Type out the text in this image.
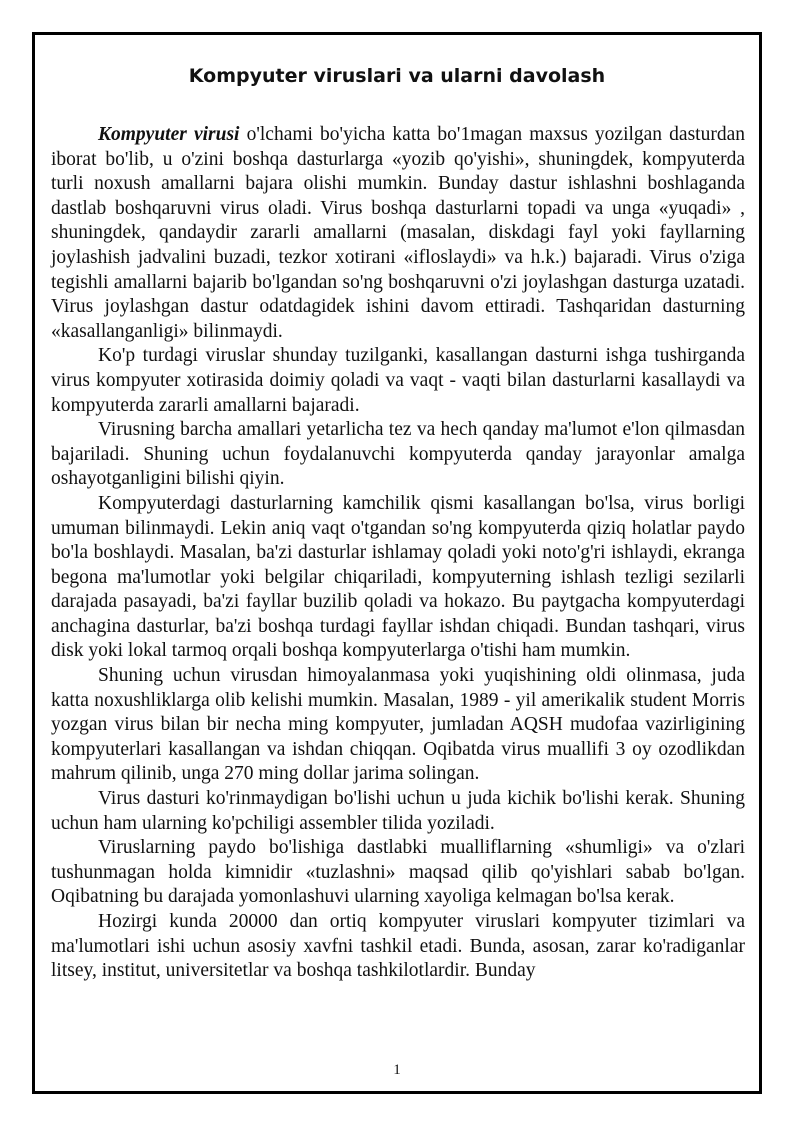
Kompyuter viruslari va ularni davolash

Kompyuter virusi o'lchami bo'yicha katta bo'1magan maxsus yozilgan dasturdan iborat bo'lib, u o'zini boshqa dasturlarga «yozib qo'yishi», shuningdek, kompyuterda turli noxush amallarni bajara olishi mumkin. Bunday dastur ishlashni boshlaganda dastlab boshqaruvni virus oladi. Virus boshqa dasturlarni topadi va unga «yuqadi» , shuningdek, qandaydir zararli amallarni (masalan, diskdagi fayl yoki fayllarning joylashish jadvalini buzadi, tezkor xotirani «ifloslaydi» va h.k.) bajaradi. Virus o'ziga tegishli amallarni bajarib bo'lgandan so'ng boshqaruvni o'zi joylashgan dasturga uzatadi. Virus joylashgan dastur odatdagidek ishini davom ettiradi. Tashqaridan dasturning «kasallanganligi» bilinmaydi.

Ko'p turdagi viruslar shunday tuzilganki, kasallangan dasturni ishga tushirganda virus kompyuter xotirasida doimiy qoladi va vaqt - vaqti bilan dasturlarni kasallaydi va kompyuterda zararli amallarni bajaradi.

Virusning barcha amallari yetarlicha tez va hech qanday ma'lumot e'lon qilmasdan bajariladi. Shuning uchun foydalanuvchi kompyuterda qanday jarayonlar amalga oshayotganligini bilishi qiyin.

Kompyuterdagi dasturlarning kamchilik qismi kasallangan bo'lsa, virus borligi umuman bilinmaydi. Lekin aniq vaqt o'tgandan so'ng kompyuterda qiziq holatlar paydo bo'la boshlaydi. Masalan, ba'zi dasturlar ishlamay qoladi yoki noto'g'ri ishlaydi, ekranga begona ma'lumotlar yoki belgilar chiqariladi, kompyuterning ishlash tezligi sezilarli darajada pasayadi, ba'zi fayllar buzilib qoladi va hokazo. Bu paytgacha kompyuterdagi anchagina dasturlar, ba'zi boshqa turdagi fayllar ishdan chiqadi. Bundan tashqari, virus disk yoki lokal tarmoq orqali boshqa kompyuterlarga o'tishi ham mumkin.

Shuning uchun virusdan himoyalanmasa yoki yuqishining oldi olinmasa, juda katta noxushliklarga olib kelishi mumkin. Masalan, 1989 - yil amerikalik student Morris yozgan virus bilan bir necha ming kompyuter, jumladan AQSH mudofaa vazirligining kompyuterlari kasallangan va ishdan chiqqan. Oqibatda virus muallifi 3 oy ozodlikdan mahrum qilinib, unga 270 ming dollar jarima solingan.

Virus dasturi ko'rinmaydigan bo'lishi uchun u juda kichik bo'lishi kerak. Shuning uchun ham ularning ko'pchiligi assembler tilida yoziladi.

Viruslarning paydo bo'lishiga dastlabki mualliflarning «shumligi» va o'zlari tushunmagan holda kimnidir «tuzlashni» maqsad qilib qo'yishlari sabab bo'lgan. Oqibatning bu darajada yomonlashuvi ularning xayoliga kelmagan bo'lsa kerak.

Hozirgi kunda 20000 dan ortiq kompyuter viruslari kompyuter tizimlari va ma'lumotlari ishi uchun asosiy xavfni tashkil etadi. Bunda, asosan, zarar ko'radiganlar litsey, institut, universitetlar va boshqa tashkilotlardir. Bunday

1
